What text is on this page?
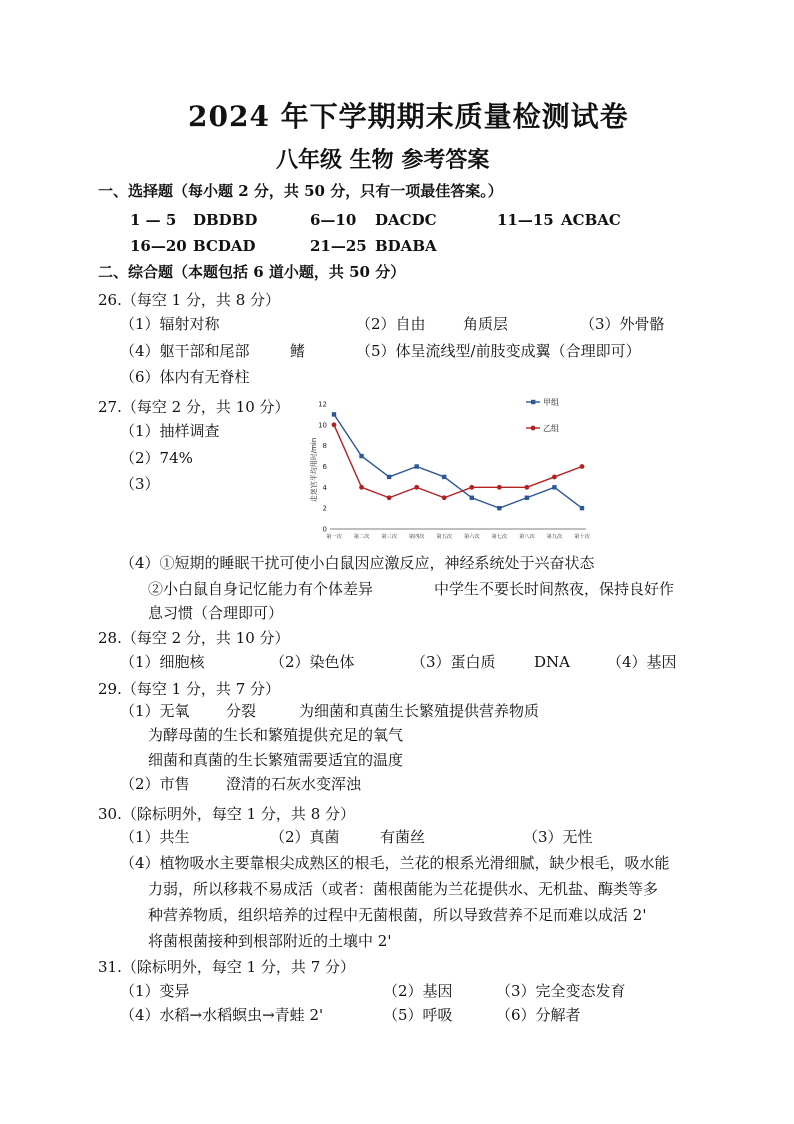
2024 年下学期期末质量检测试卷
八年级 生物 参考答案
一、选择题（每小题 2 分，共 50 分，只有一项最佳答案。）
1 — 5 DBDBD	6—10 DACDC	11—15 ACBAC
16—20 BCDAD	21—25 BDABA
二、综合题（本题包括 6 道小题，共 50 分）
26.（每空 1 分，共 8 分）
（1）辐射对称	（2）自由 角质层	（3）外骨骼
（4）躯干部和尾部	鳍	（5）体呈流线型/前肢变成翼（合理即可）
（6）体内有无脊柱
27.（每空 2 分，共 10 分）
（1）抽样调查
（2）74%
（3）	走迷宫平均用时/min
0
2
4
6
8
10
12
第一次 第二次 第三次 第四次 第五次 第六次 第七次 第八次 第九次 第十次
甲组
乙组
（4）①短期的睡眠干扰可使小白鼠因应激反应，神经系统处于兴奋状态
②小白鼠自身记忆能力有个体差异	中学生不要长时间熬夜，保持良好作
息习惯（合理即可）
28.（每空 2 分，共 10 分）
（1）细胞核	（2）染色体	（3）蛋白质	DNA （4）基因
29.（每空 1 分，共 7 分）
（1）无氧 分裂	为细菌和真菌生长繁殖提供营养物质
为酵母菌的生长和繁殖提供充足的氧气
细菌和真菌的生长繁殖需要适宜的温度
（2）市售 澄清的石灰水变浑浊
30.（除标明外，每空 1 分，共 8 分）
（1）共生	（2）真菌	有菌丝	（3）无性
（4）植物吸水主要靠根尖成熟区的根毛，兰花的根系光滑细腻，缺少根毛，吸水能
力弱，所以移栽不易成活（或者：菌根菌能为兰花提供水、无机盐、酶类等多
种营养物质，组织培养的过程中无菌根菌，所以导致营养不足而难以成活 2'
将菌根菌接种到根部附近的土壤中 2'
31.（除标明外，每空 1 分，共 7 分）
（1）变异	（2）基因	（3）完全变态发育
（4）水稻→水稻螟虫→青蛙 2'	（5）呼吸	（6）分解者
